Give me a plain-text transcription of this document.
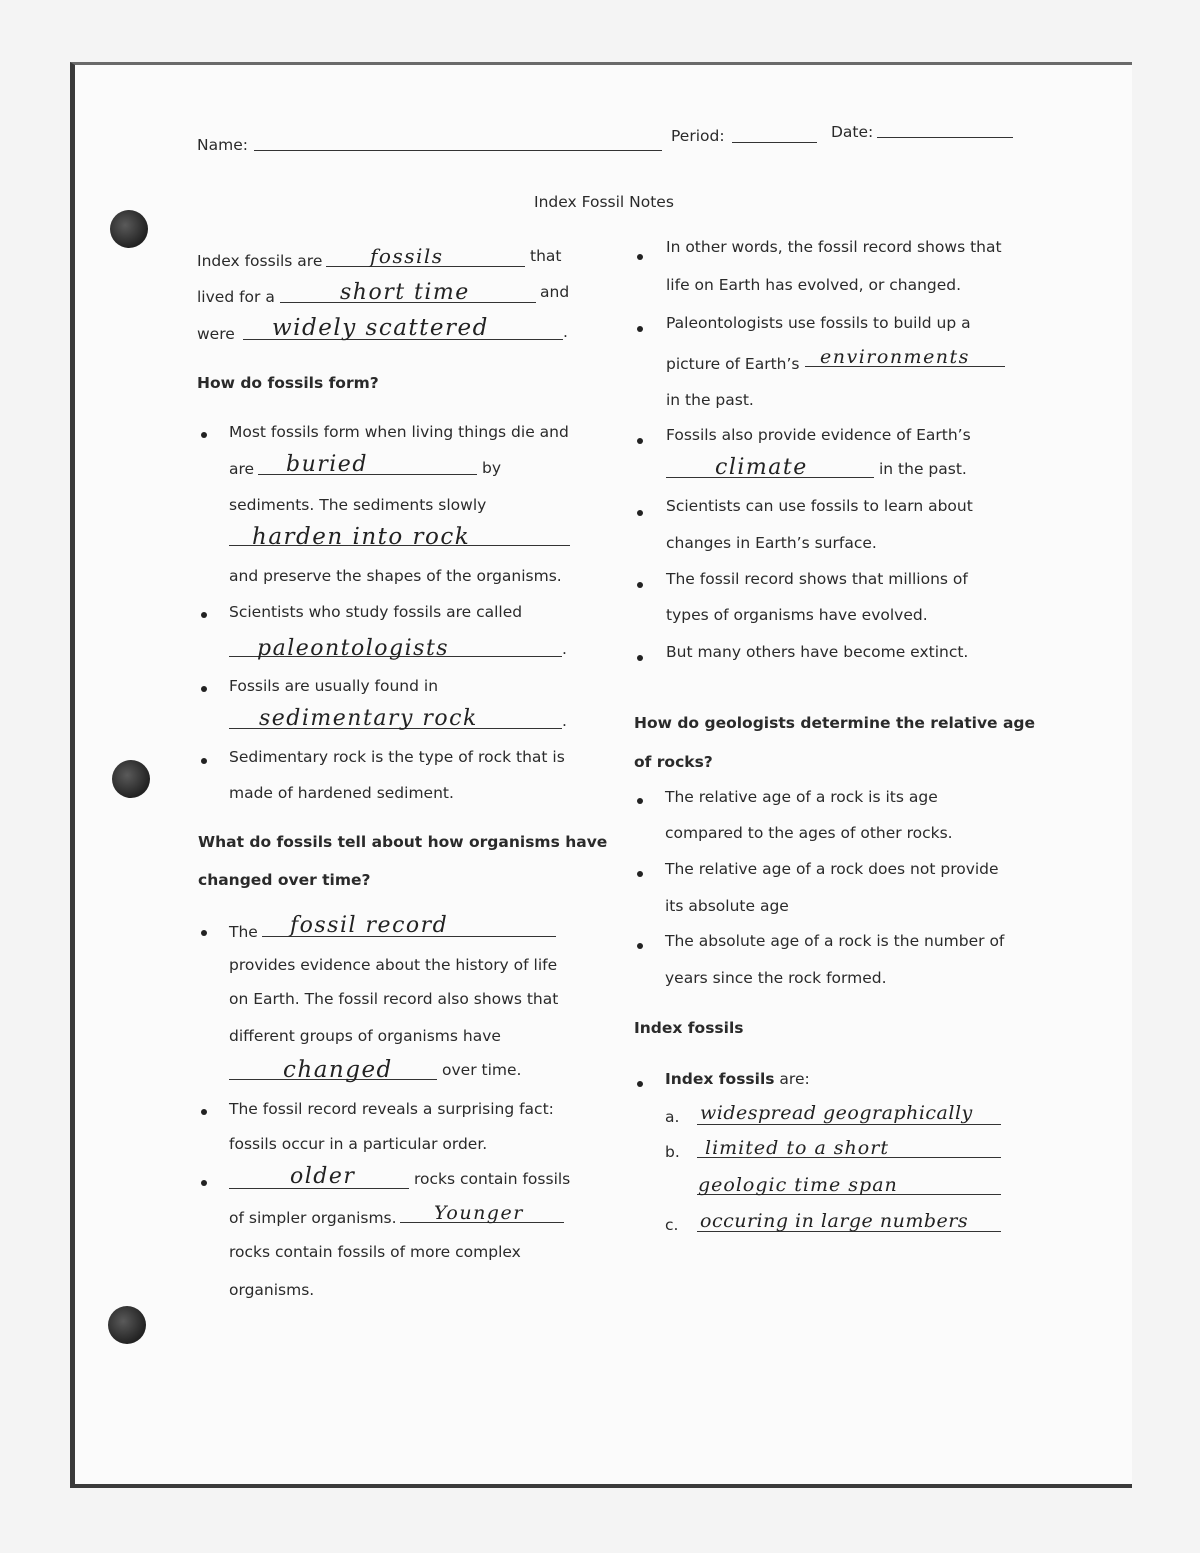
Name:	Period:	Date:
Index Fossil Notes
Index fossils are fossils	that
lived for a	short time	and
were widely scattered	.
How do fossils form?
Most fossils form when living things die and
are buried	by
sediments. The sediments slowly
harden into rock
and preserve the shapes of the organisms.
Scientists who study fossils are called
paleontologists	.
Fossils are usually found in
sedimentary rock	.
Sedimentary rock is the type of rock that is
made of hardened sediment.
What do fossils tell about how organisms have
changed over time?
The fossil record
provides evidence about the history of life
on Earth. The fossil record also shows that
different groups of organisms have
changed	over time.
The fossil record reveals a surprising fact:
fossils occur in a particular order.
older	rocks contain fossils
of simpler organisms. Younger
rocks contain fossils of more complex
organisms.
In other words, the fossil record shows that
life on Earth has evolved, or changed.
Paleontologists use fossils to build up a
picture of Earth’s environments
in the past.
Fossils also provide evidence of Earth’s
climate	in the past.
Scientists can use fossils to learn about
changes in Earth’s surface.
The fossil record shows that millions of
types of organisms have evolved.
But many others have become extinct.
How do geologists determine the relative age
of rocks?
The relative age of a rock is its age
compared to the ages of other rocks.
The relative age of a rock does not provide
its absolute age
The absolute age of a rock is the number of
years since the rock formed.
Index fossils
Index fossils are:
a. widespread geographically
b. limited to a short
geologic time span
c. occuring in large numbers
